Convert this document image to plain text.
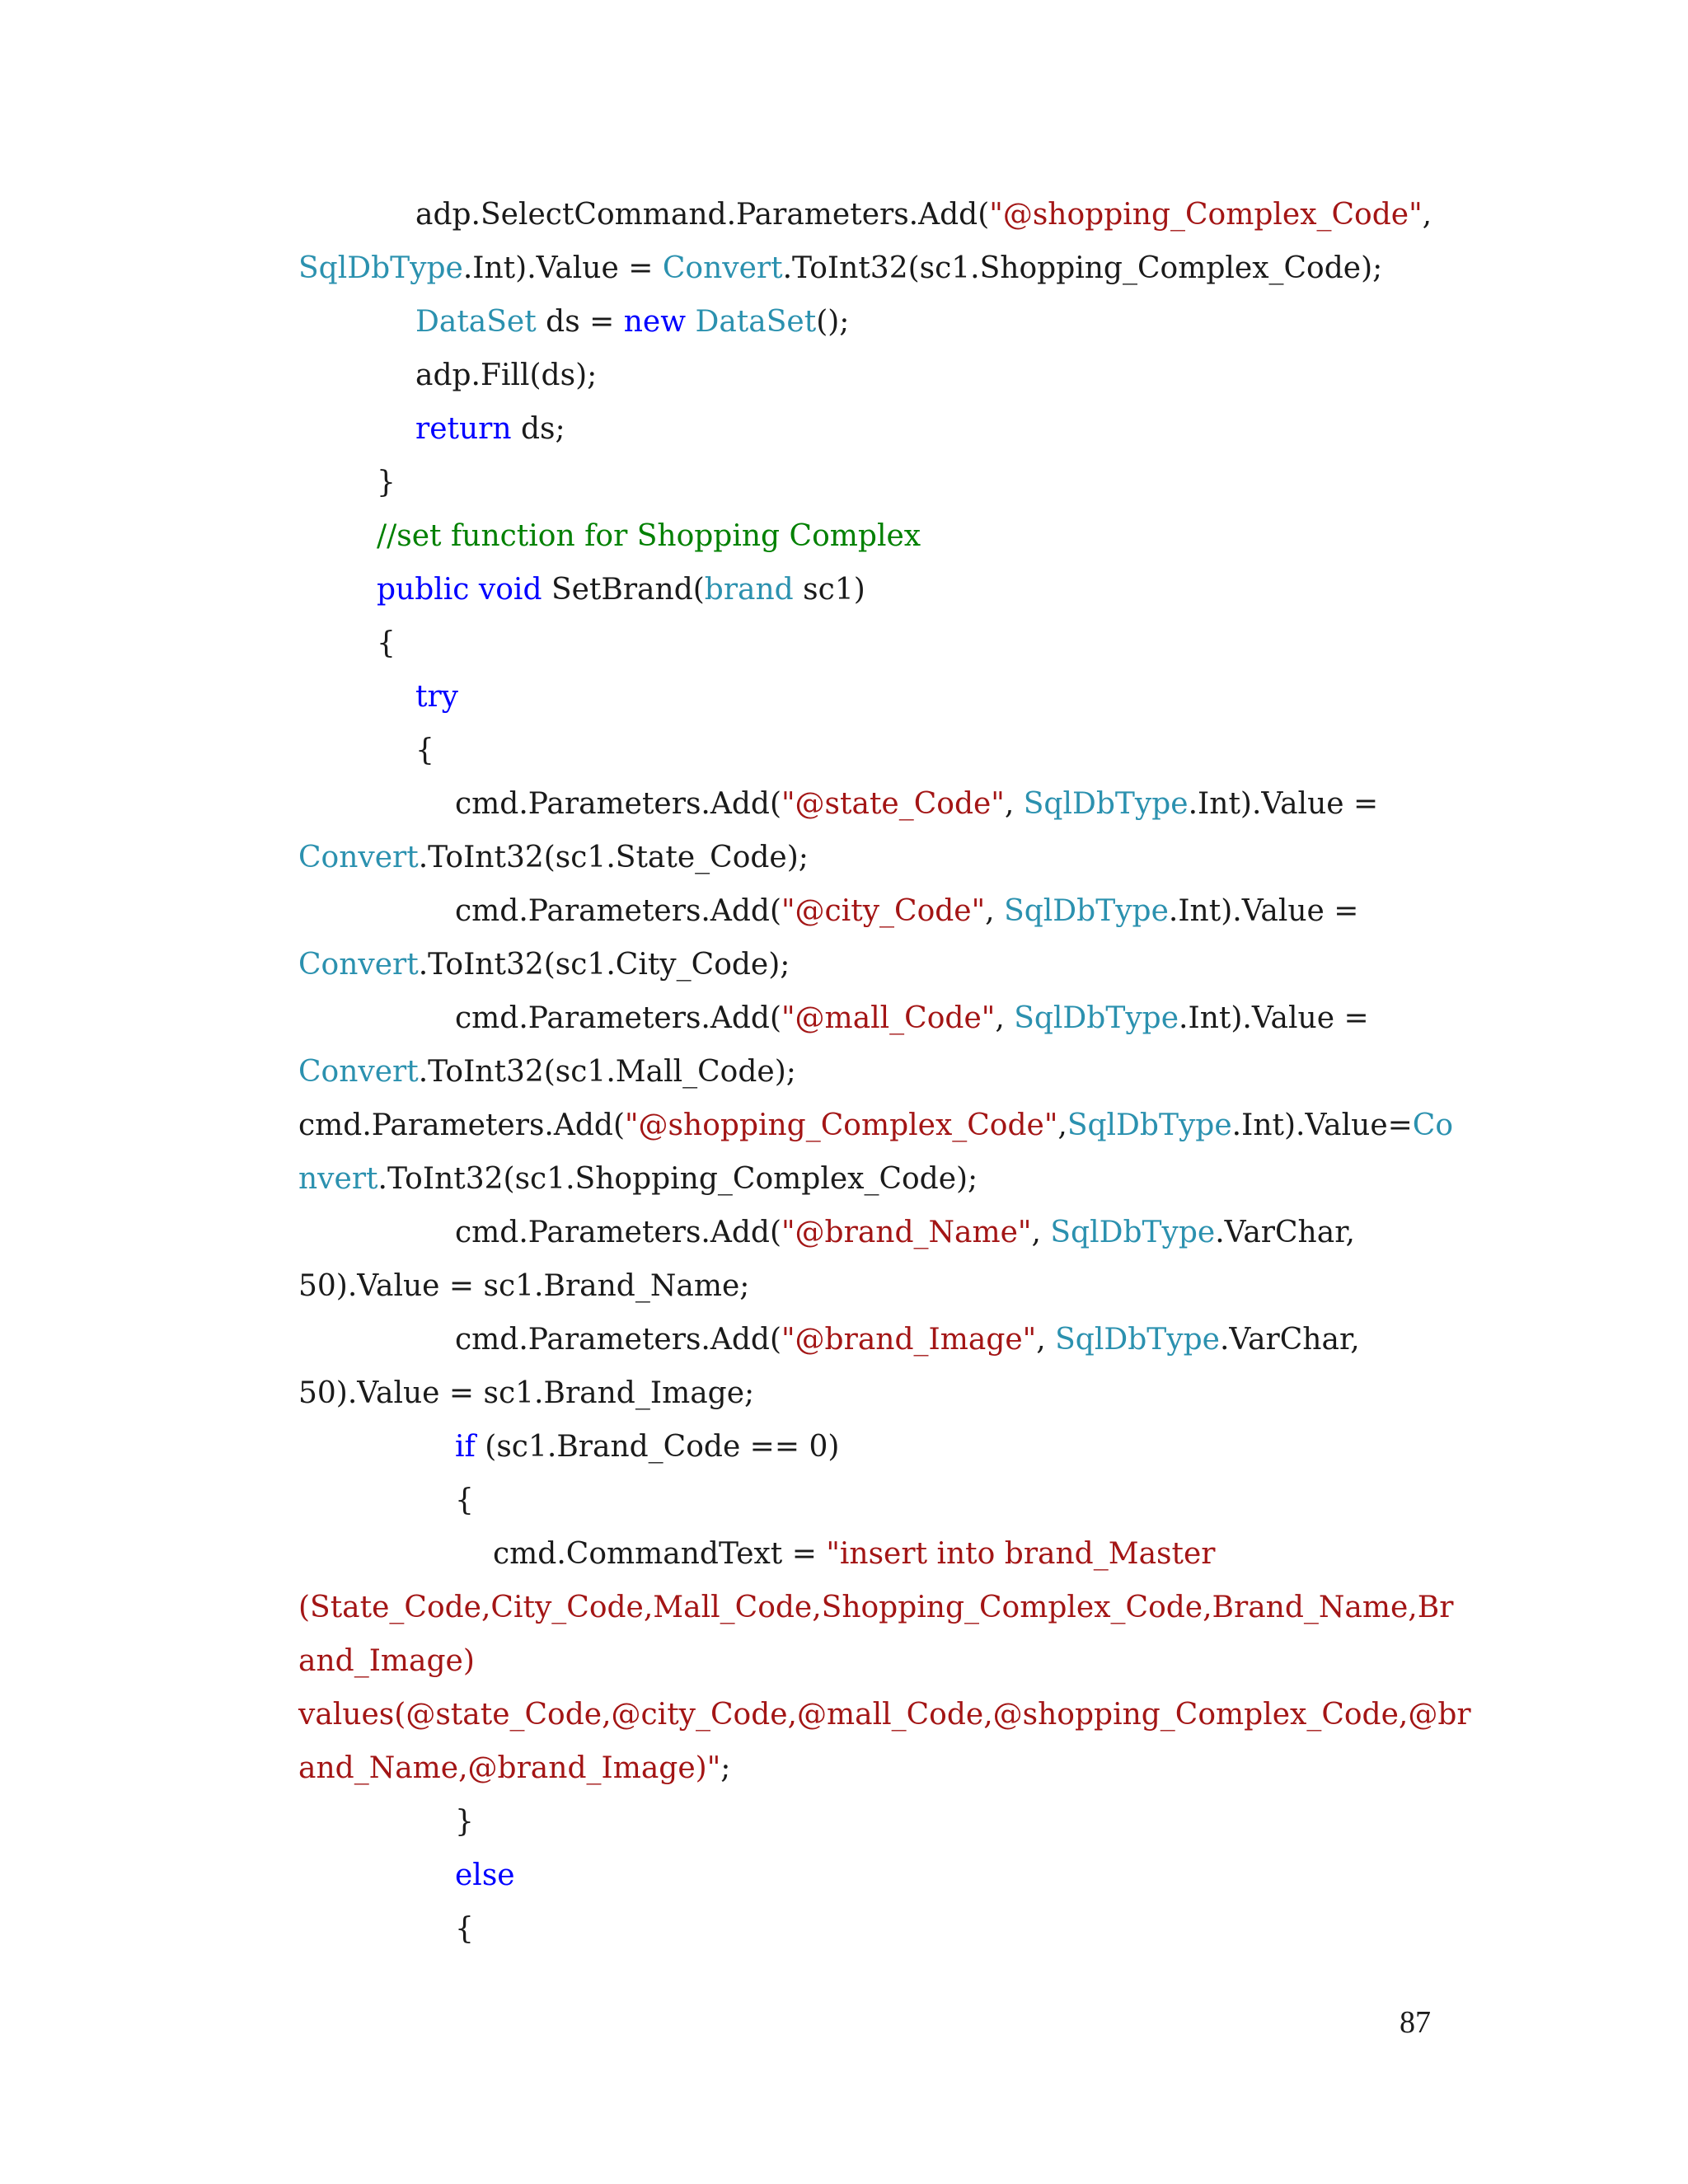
adp.SelectCommand.Parameters.Add("@shopping_Complex_Code",
SqlDbType.Int).Value = Convert.ToInt32(sc1.Shopping_Complex_Code);
DataSet ds = new DataSet();
adp.Fill(ds);
return ds;
}
//set function for Shopping Complex
public void SetBrand(brand sc1)
{
try
{
cmd.Parameters.Add("@state_Code", SqlDbType.Int).Value =
Convert.ToInt32(sc1.State_Code);
cmd.Parameters.Add("@city_Code", SqlDbType.Int).Value =
Convert.ToInt32(sc1.City_Code);
cmd.Parameters.Add("@mall_Code", SqlDbType.Int).Value =
Convert.ToInt32(sc1.Mall_Code);
cmd.Parameters.Add("@shopping_Complex_Code",SqlDbType.Int).Value=Co
nvert.ToInt32(sc1.Shopping_Complex_Code);
cmd.Parameters.Add("@brand_Name", SqlDbType.VarChar,
50).Value = sc1.Brand_Name;
cmd.Parameters.Add("@brand_Image", SqlDbType.VarChar,
50).Value = sc1.Brand_Image;
if (sc1.Brand_Code == 0)
{
cmd.CommandText = "insert into brand_Master
(State_Code,City_Code,Mall_Code,Shopping_Complex_Code,Brand_Name,Br
and_Image)
values(@state_Code,@city_Code,@mall_Code,@shopping_Complex_Code,@br
and_Name,@brand_Image)";
}
else
{
87
